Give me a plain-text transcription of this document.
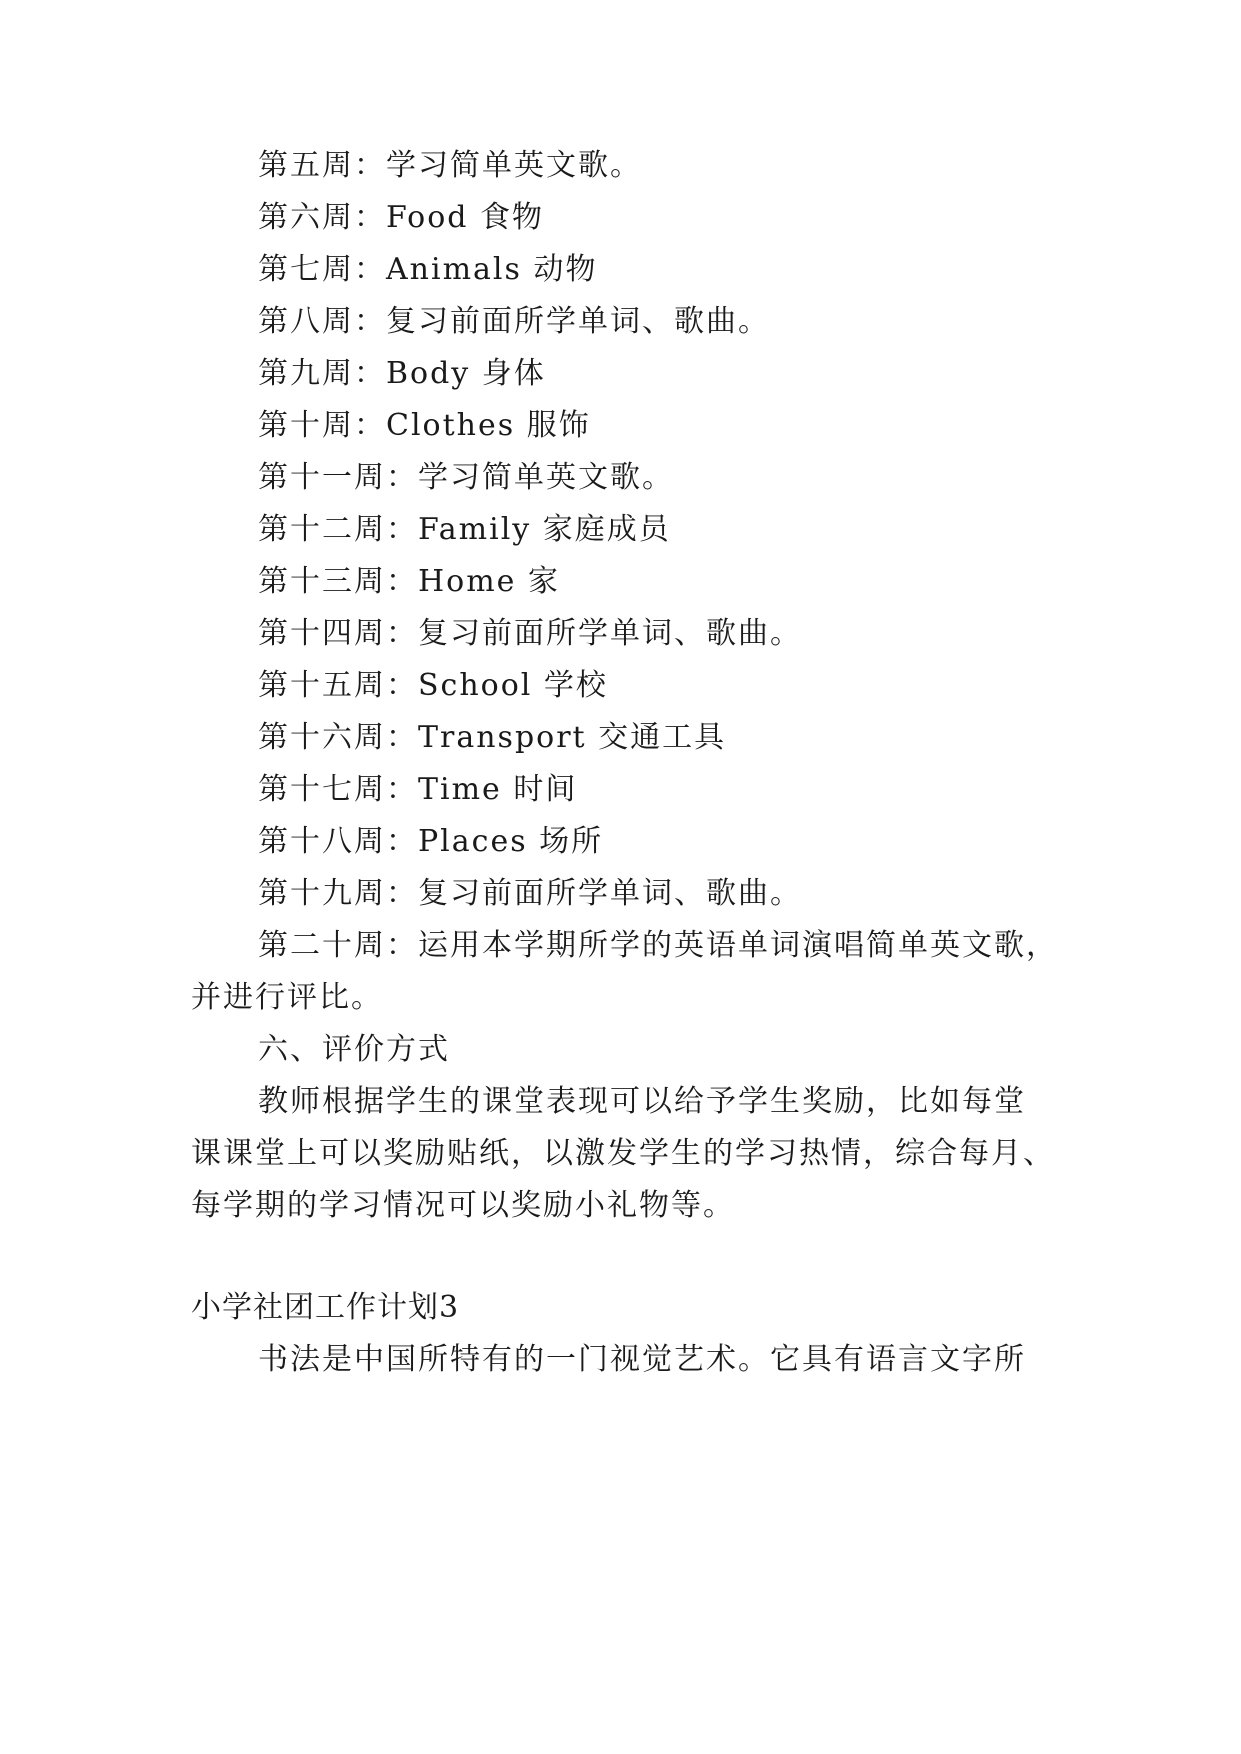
第五周：学习简单英文歌。
第六周：Food 食物
第七周：Animals 动物
第八周：复习前面所学单词、歌曲。
第九周：Body 身体
第十周：Clothes 服饰
第十一周：学习简单英文歌。
第十二周：Family 家庭成员
第十三周：Home 家
第十四周：复习前面所学单词、歌曲。
第十五周：School 学校
第十六周：Transport 交通工具
第十七周：Time 时间
第十八周：Places 场所
第十九周：复习前面所学单词、歌曲。
第二十周：运用本学期所学的英语单词演唱简单英文歌，
并进行评比。
六、评价方式
教师根据学生的课堂表现可以给予学生奖励，比如每堂
课课堂上可以奖励贴纸，以激发学生的学习热情，综合每月、
每学期的学习情况可以奖励小礼物等。
小学社团工作计划3
书法是中国所特有的一门视觉艺术。它具有语言文字所
